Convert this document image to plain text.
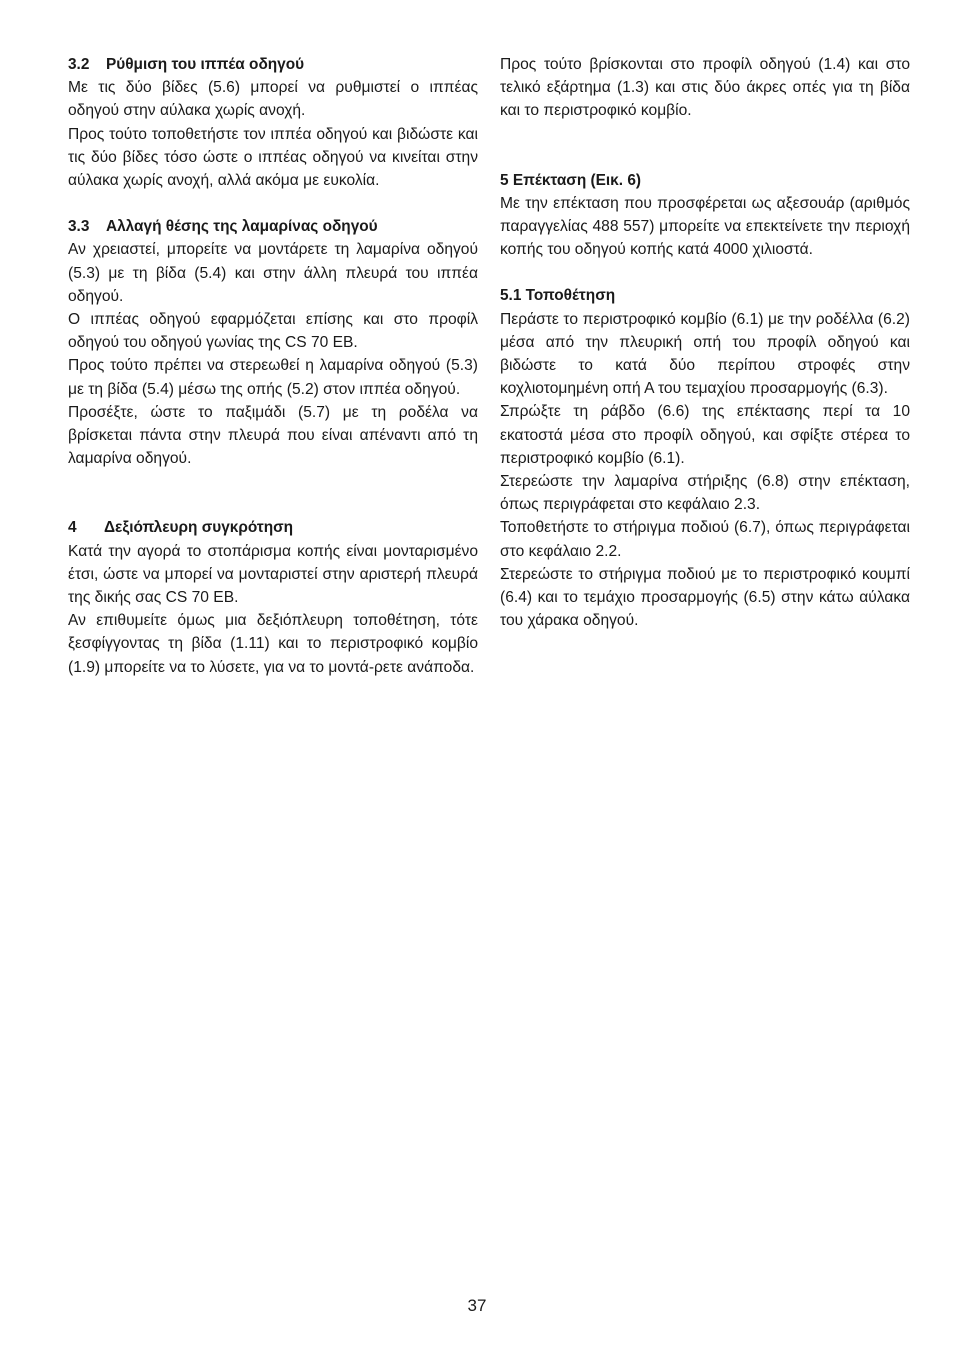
3.2 Ρύθμιση του ιππέα οδηγού

Με τις δύο βίδες (5.6) μπορεί να ρυθμιστεί ο ιππέας οδηγού στην αύλακα χωρίς ανοχή.

Προς τούτο τοποθετήστε τον ιππέα οδηγού και βιδώστε και τις δύο βίδες τόσο ώστε ο ιππέας οδηγού να κινείται στην αύλακα χωρίς ανοχή, αλλά ακόμα με ευκολία.

3.3 Αλλαγή θέσης της λαμαρίνας οδηγού

Αν χρειαστεί, μπορείτε να μοντάρετε τη λαμαρίνα οδηγού (5.3) με τη βίδα (5.4) και στην άλλη πλευρά του ιππέα οδηγού.

Ο ιππέας οδηγού εφαρμόζεται επίσης και στο προφίλ οδηγού του οδηγού γωνίας της CS 70 EB.

Προς τούτο πρέπει να στερεωθεί η λαμαρίνα οδηγού (5.3) με τη βίδα (5.4) μέσω της οπής (5.2) στον ιππέα οδηγού.

Προσέξτε, ώστε το παξιμάδι (5.7) με τη ροδέλα να βρίσκεται πάντα στην πλευρά που είναι απέναντι από τη λαμαρίνα οδηγού.

4 Δεξιόπλευρη συγκρότηση

Κατά την αγορά το στοπάρισμα κοπής είναι μονταρισμένο έτσι, ώστε να μπορεί να μονταριστεί στην αριστερή πλευρά της δικής σας CS 70 EB.

Αν επιθυμείτε όμως μια δεξιόπλευρη τοποθέτηση, τότε ξεσφίγγοντας τη βίδα (1.11) και το περιστροφικό κομβίο (1.9) μπορείτε να το λύσετε, για να το μοντά-ρετε ανάποδα.

Προς τούτο βρίσκονται στο προφίλ οδηγού (1.4) και στο τελικό εξάρτημα (1.3) και στις δύο άκρες οπές για τη βίδα και το περιστροφικό κομβίο.

5 Επέκταση (Εικ. 6)

Με την επέκταση που προσφέρεται ως αξεσουάρ (αριθμός παραγγελίας 488 557) μπορείτε να επεκτείνετε την περιοχή κοπής του οδηγού κοπής κατά 4000 χιλιοστά.

5.1 Τοποθέτηση

Περάστε το περιστροφικό κομβίο (6.1) με την ροδέλλα (6.2) μέσα από την πλευρική οπή του προφίλ οδηγού και βιδώστε το κατά δύο περίπου στροφές στην κοχλιοτομημένη οπή Α του τεμαχίου προσαρμογής (6.3).

Σπρώξτε τη ράβδο (6.6) της επέκτασης περί τα 10 εκατοστά μέσα στο προφίλ οδηγού, και σφίξτε στέρεα το περιστροφικό κομβίο (6.1).

Στερεώστε την λαμαρίνα στήριξης (6.8) στην επέκταση, όπως περιγράφεται στο κεφάλαιο 2.3.

Τοποθετήστε το στήριγμα ποδιού (6.7), όπως περιγράφεται στο κεφάλαιο 2.2.

Στερεώστε το στήριγμα ποδιού με το περιστροφικό κουμπί (6.4) και το τεμάχιο προσαρμογής (6.5) στην κάτω αύλακα του χάρακα οδηγού.

37
